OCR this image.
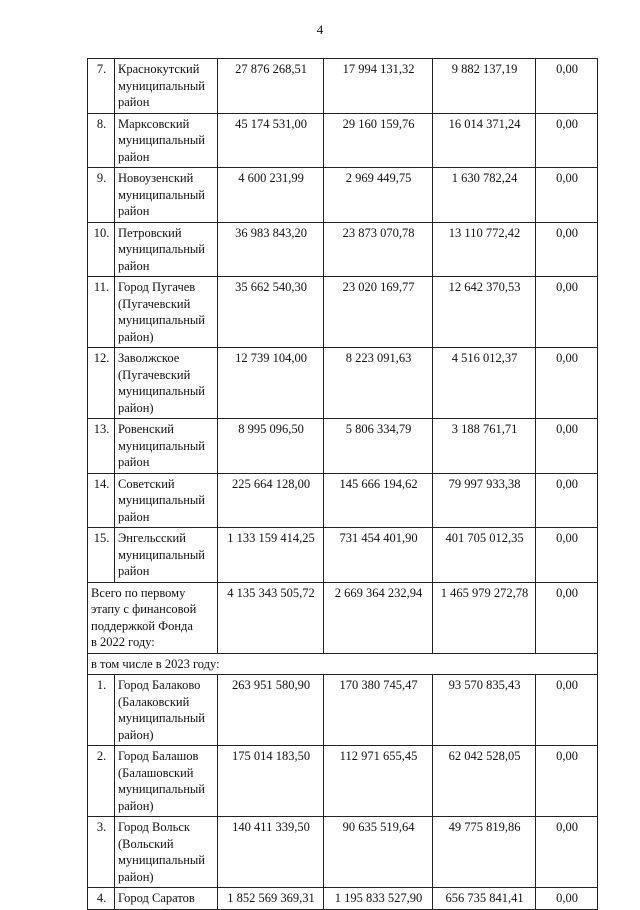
4
7.	Краснокутский
муниципальный
район	27 876 268,51	17 994 131,32	9 882 137,19	0,00
8.	Марксовский
муниципальный
район	45 174 531,00	29 160 159,76	16 014 371,24	0,00
9.	Новоузенский
муниципальный
район	4 600 231,99	2 969 449,75	1 630 782,24	0,00
10.	Петровский
муниципальный
район	36 983 843,20	23 873 070,78	13 110 772,42	0,00
11.	Город Пугачев
(Пугачевский
муниципальный
район)	35 662 540,30	23 020 169,77	12 642 370,53	0,00
12.	Заволжское
(Пугачевский
муниципальный
район)	12 739 104,00	8 223 091,63	4 516 012,37	0,00
13.	Ровенский
муниципальный
район	8 995 096,50	5 806 334,79	3 188 761,71	0,00
14.	Советский
муниципальный
район	225 664 128,00	145 666 194,62	79 997 933,38	0,00
15.	Энгельсский
муниципальный
район	1 133 159 414,25	731 454 401,90	401 705 012,35	0,00

Всего по первому
этапу с финансовой
поддержкой Фонда
в 2022 году:		4 135 343 505,72	2 669 364 232,94	1 465 979 272,78	0,00
в том числе в 2023 году:					
1.	Город Балаково
(Балаковский
муниципальный
район)	263 951 580,90	170 380 745,47	93 570 835,43	0,00
2.	Город Балашов
(Балашовский
муниципальный
район)	175 014 183,50	112 971 655,45	62 042 528,05	0,00
3.	Город Вольск
(Вольский
муниципальный
район)	140 411 339,50	90 635 519,64	49 775 819,86	0,00
4.	Город Саратов	1 852 569 369,31	1 195 833 527,90	656 735 841,41	0,00
